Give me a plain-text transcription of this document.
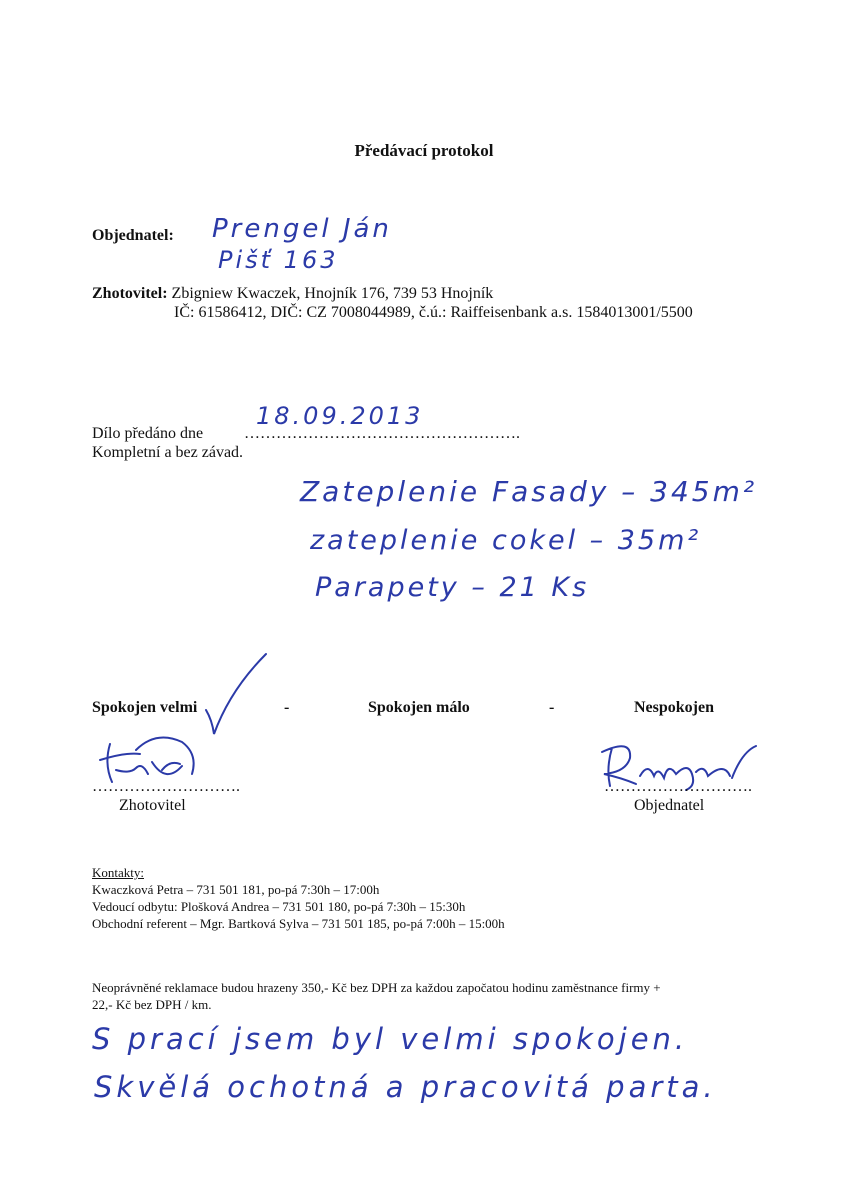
Předávací protokol
Objednatel: Prengel Ján
Pišť 163
Zhotovitel: Zbigniew Kwaczek, Hnojník 176, 739 53 Hnojník
IČ: 61586412, DIČ: CZ 7008044989, č.ú.: Raiffeisenbank a.s. 1584013001/5500
Dílo předáno dne	…………………………………………….
18.09.2013
Kompletní a bez závad.
Zateplenie Fasady – 345m²
zateplenie cokel – 35m²
Parapety – 21 Ks
Spokojen velmi	-	Spokojen málo	-	Nespokojen
……………………….
Zhotovitel
……………………….
Objednatel
Kontakty:
Kwaczková Petra – 731 501 181, po-pá 7:30h – 17:00h
Vedoucí odbytu: Plošková Andrea – 731 501 180, po-pá 7:30h – 15:30h
Obchodní referent – Mgr. Bartková Sylva – 731 501 185, po-pá 7:00h – 15:00h
Neoprávněné reklamace budou hrazeny 350,- Kč bez DPH za každou započatou hodinu zaměstnance firmy +
22,- Kč bez DPH / km.
S prací jsem byl velmi spokojen.
Skvělá ochotná a pracovitá parta.
